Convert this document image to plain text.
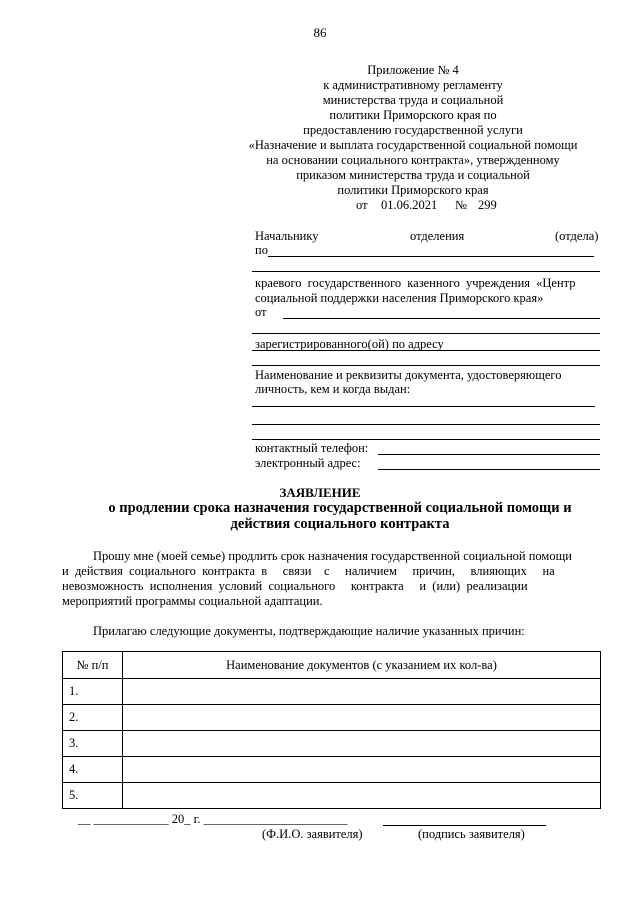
86
Приложение № 4
к административному регламенту
министерства труда и социальной
политики Приморского края по
предоставлению государственной услуги
«Назначение и выплата государственной социальной помощи
на основании социального контракта», утвержденному
приказом министерства труда и социальной
политики Приморского края
от 01.06.2021 № 299
Начальнику	отделения	(отдела)
по
краевого государственного казенного учреждения «Центр
социальной поддержки населения Приморского края»
от
зарегистрированного(ой) по адресу
Наименование и реквизиты документа, удостоверяющего
личность, кем и когда выдан:
контактный телефон:
электронный адрес:
ЗАЯВЛЕНИЕ
о продлении срока назначения государственной социальной помощи и
действия социального контракта
Прошу мне (моей семье) продлить срок назначения государственной социальной помощи
и  действия  социального  контракта  в     связи    с     наличием     причин,     влияющих     на
невозможность  исполнения  условий  социального     контракта     и  (или)  реализации
мероприятий программы социальной адаптации.
Прилагаю следующие документы, подтверждающие наличие указанных причин:
№ п/п	Наименование документов (с указанием их кол-ва)
1.	
2.	
3.	
4.	
5.	
__ ____________ 20_ г. _______________________
(Ф.И.О. заявителя)	(подпись заявителя)
